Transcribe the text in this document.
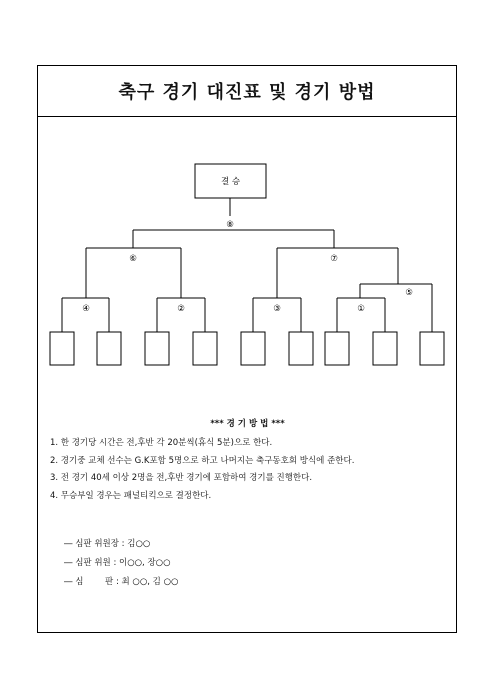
축구 경기 대진표 및 경기 방법
결 승
⑧
⑥	⑦
④	②	③	①
⑤
*** 경 기 방 법 ***
1. 한 경기당 시간은 전,후반 각 20분씩(휴식 5분)으로 한다.
2. 경기중 교체 선수는 G.K포함 5명으로 하고 나머지는 축구동호회 방식에 준한다.
3. 전 경기 40세 이상 2명을 전,후반 경기에 포함하여 경기를 진행한다.
4. 무승부일 경우는 패널티킥으로 결정한다.
― 심판 위원장 : 김○○
― 심판 위원 : 이○○, 장○○
― 심        판 : 최 ○○, 김 ○○
